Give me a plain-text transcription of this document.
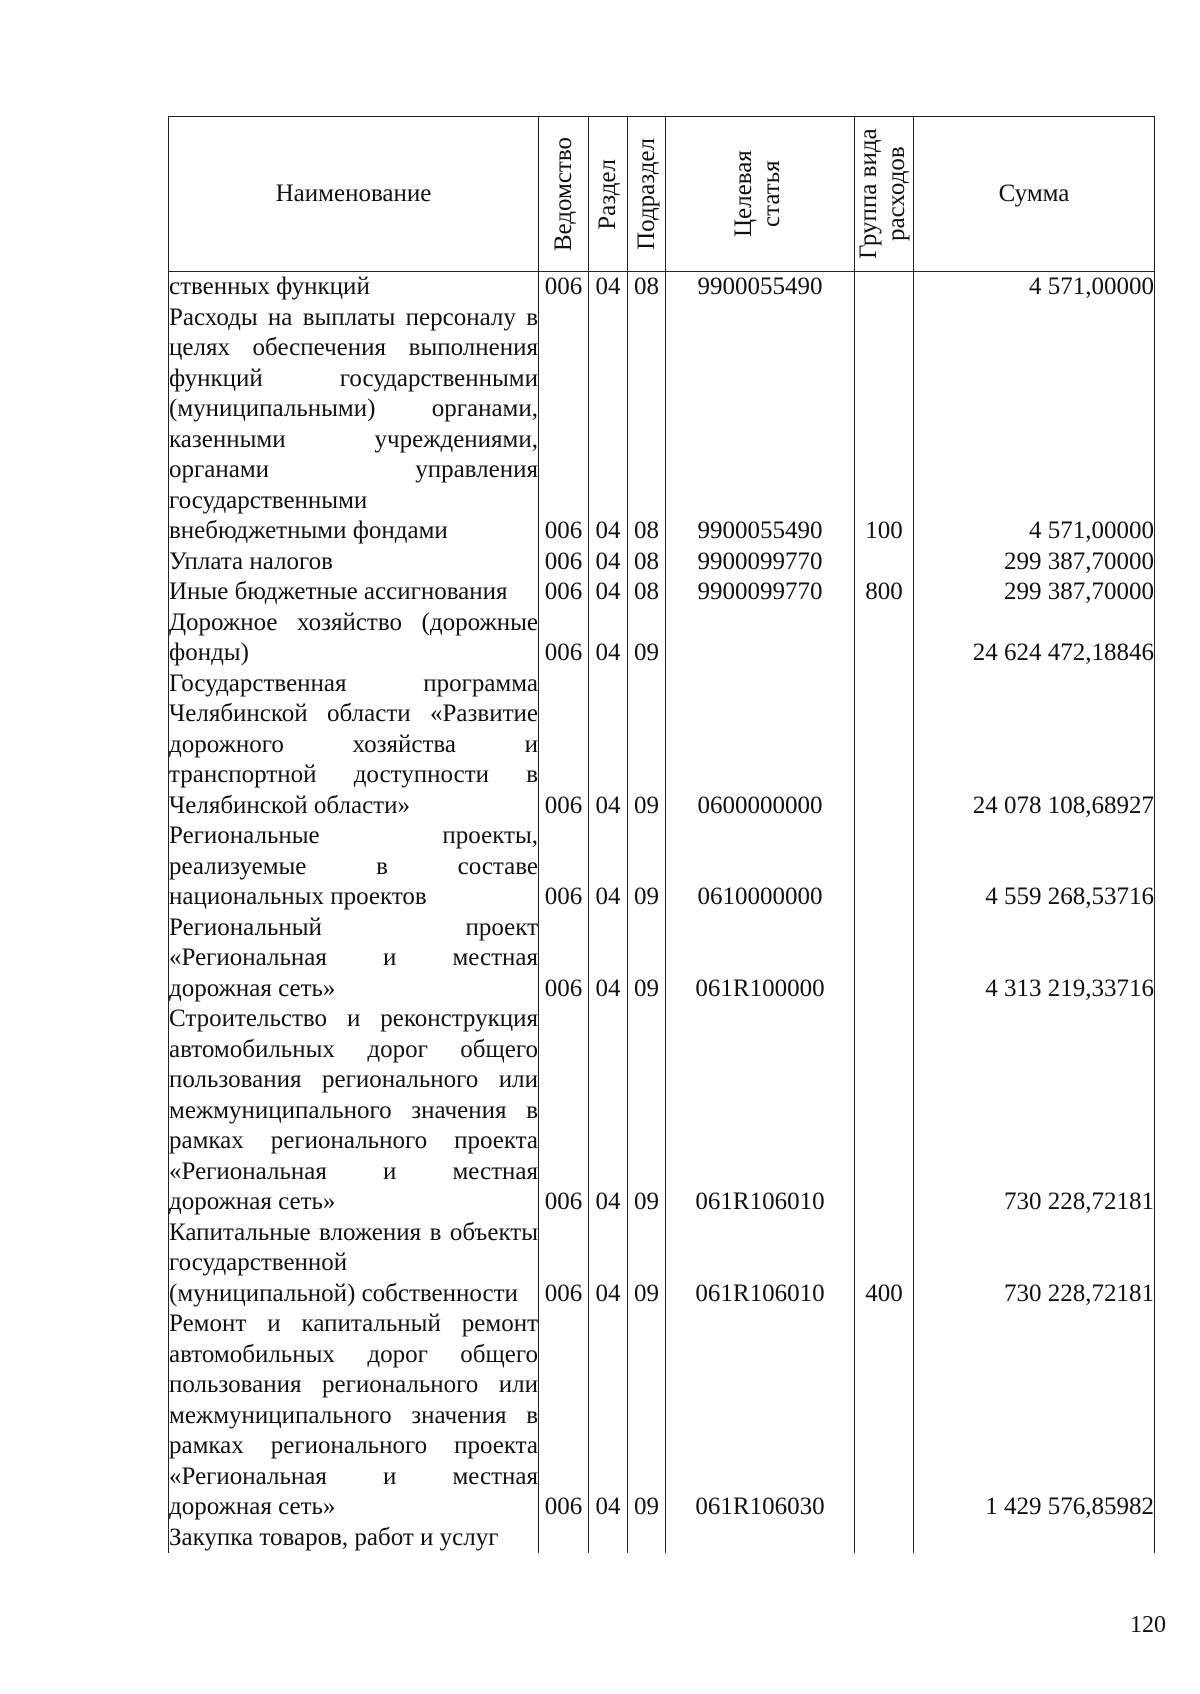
Наименование	Ведомство	Раздел	Подраздел	Целевая статья	Группа вида расходов	Сумма
ственных функций	006	04	08	9900055490		4 571,00000
Расходы на выплаты персоналу в целях обеспечения выполнения функций государственными (муниципальными) органами, казенными учреждениями, органами управления государственными внебюджетными фондами	006	04	08	9900055490	100	4 571,00000
Уплата налогов	006	04	08	9900099770		299 387,70000
Иные бюджетные ассигнования	006	04	08	9900099770	800	299 387,70000
Дорожное хозяйство (дорожные фонды)	006	04	09			24 624 472,18846
Государственная программа Челябинской области «Развитие дорожного хозяйства и транспортной доступности в Челябинской области»	006	04	09	0600000000		24 078 108,68927
Региональные проекты, реализуемые в составе национальных проектов	006	04	09	0610000000		4 559 268,53716
Региональный проект «Региональная и местная дорожная сеть»	006	04	09	061R100000		4 313 219,33716
Строительство и реконструкция автомобильных дорог общего пользования регионального или межмуниципального значения в рамках регионального проекта «Региональная и местная дорожная сеть»	006	04	09	061R106010		730 228,72181
Капитальные вложения в объекты государственной (муниципальной) собственности	006	04	09	061R106010	400	730 228,72181
Ремонт и капитальный ремонт автомобильных дорог общего пользования регионального или межмуниципального значения в рамках регионального проекта «Региональная и местная дорожная сеть»	006	04	09	061R106030		1 429 576,85982
Закупка товаров, работ и услуг						
120
